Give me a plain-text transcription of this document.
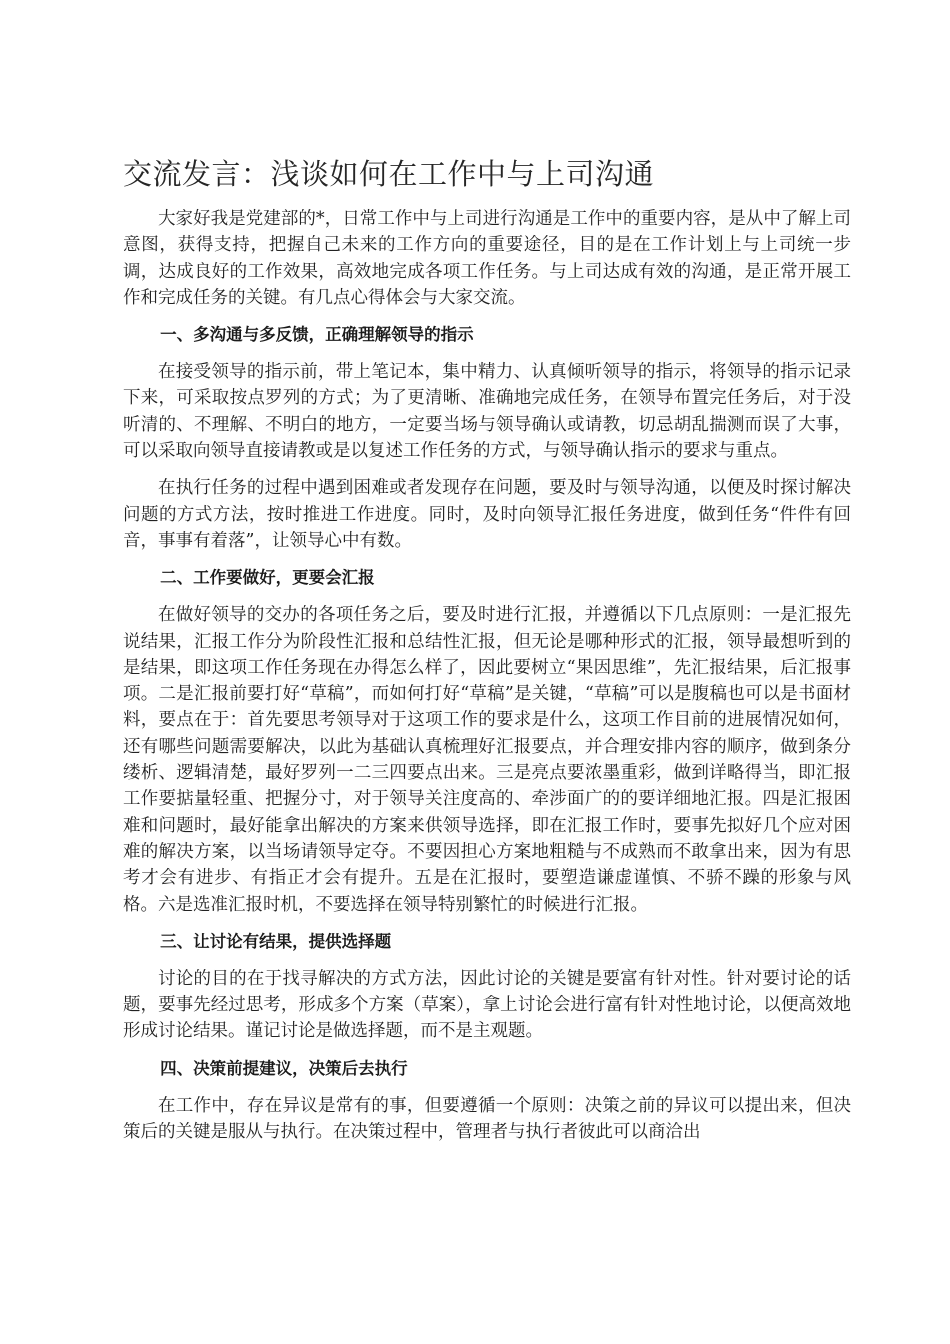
交流发言：浅谈如何在工作中与上司沟通

大家好我是党建部的*，日常工作中与上司进行沟通是工作中的重要内容，是从中了解上司意图，获得支持，把握自己未来的工作方向的重要途径，目的是在工作计划上与上司统一步调，达成良好的工作效果，高效地完成各项工作任务。与上司达成有效的沟通，是正常开展工作和完成任务的关键。有几点心得体会与大家交流。

一、多沟通与多反馈，正确理解领导的指示

在接受领导的指示前，带上笔记本，集中精力、认真倾听领导的指示，将领导的指示记录下来，可采取按点罗列的方式；为了更清晰、准确地完成任务，在领导布置完任务后，对于没听清的、不理解、不明白的地方，一定要当场与领导确认或请教，切忌胡乱揣测而误了大事，可以采取向领导直接请教或是以复述工作任务的方式，与领导确认指示的要求与重点。

在执行任务的过程中遇到困难或者发现存在问题，要及时与领导沟通，以便及时探讨解决问题的方式方法，按时推进工作进度。同时，及时向领导汇报任务进度，做到任务“件件有回音，事事有着落”，让领导心中有数。

二、工作要做好，更要会汇报

在做好领导的交办的各项任务之后，要及时进行汇报，并遵循以下几点原则：一是汇报先说结果，汇报工作分为阶段性汇报和总结性汇报，但无论是哪种形式的汇报，领导最想听到的是结果，即这项工作任务现在办得怎么样了，因此要树立“果因思维”，先汇报结果，后汇报事项。二是汇报前要打好“草稿”，而如何打好“草稿”是关键，“草稿”可以是腹稿也可以是书面材料，要点在于：首先要思考领导对于这项工作的要求是什么，这项工作目前的进展情况如何，还有哪些问题需要解决，以此为基础认真梳理好汇报要点，并合理安排内容的顺序，做到条分缕析、逻辑清楚，最好罗列一二三四要点出来。三是亮点要浓墨重彩，做到详略得当，即汇报工作要掂量轻重、把握分寸，对于领导关注度高的、牵涉面广的的要详细地汇报。四是汇报困难和问题时，最好能拿出解决的方案来供领导选择，即在汇报工作时，要事先拟好几个应对困难的解决方案，以当场请领导定夺。不要因担心方案地粗糙与不成熟而不敢拿出来，因为有思考才会有进步、有指正才会有提升。五是在汇报时，要塑造谦虚谨慎、不骄不躁的形象与风格。六是选准汇报时机，不要选择在领导特别繁忙的时候进行汇报。

三、让讨论有结果，提供选择题

讨论的目的在于找寻解决的方式方法，因此讨论的关键是要富有针对性。针对要讨论的话题，要事先经过思考，形成多个方案（草案），拿上讨论会进行富有针对性地讨论，以便高效地形成讨论结果。谨记讨论是做选择题，而不是主观题。

四、决策前提建议，决策后去执行

在工作中，存在异议是常有的事，但要遵循一个原则：决策之前的异议可以提出来，但决策后的关键是服从与执行。在决策过程中，管理者与执行者彼此可以商洽出
